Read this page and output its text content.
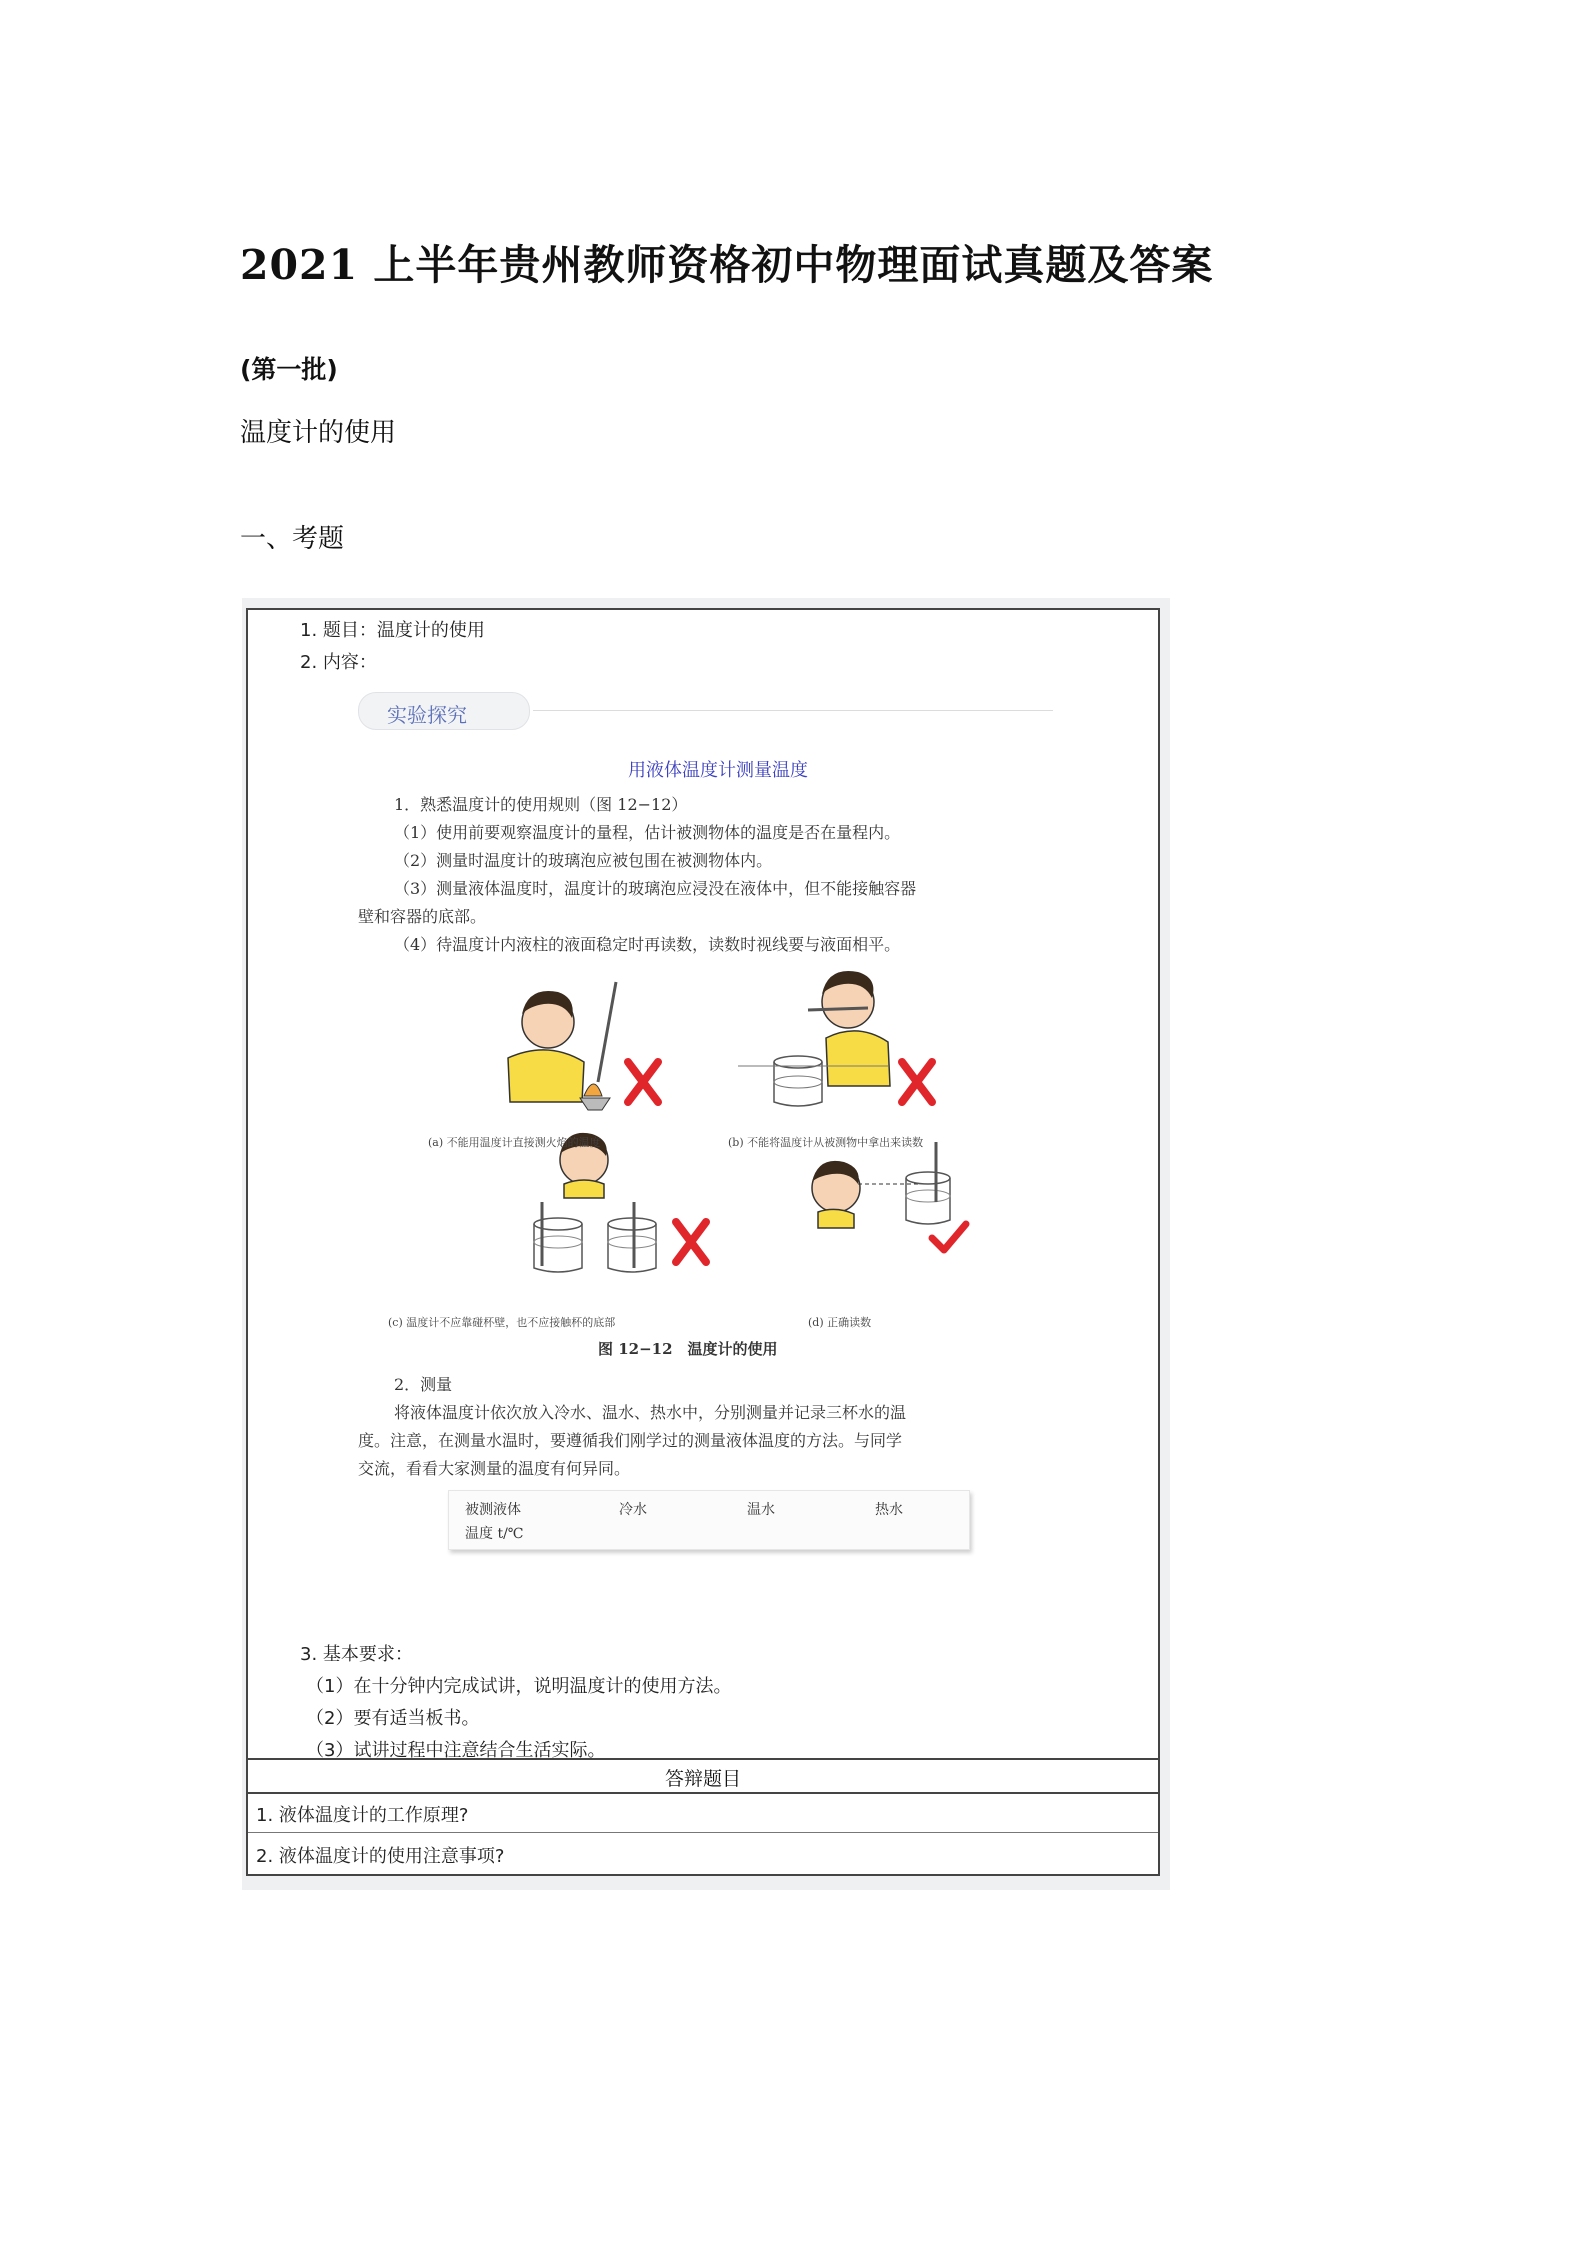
2021 上半年贵州教师资格初中物理面试真题及答案
(第一批)
温度计的使用
一、考题
1. 题目：温度计的使用
2. 内容：
实验探究
用液体温度计测量温度
1．熟悉温度计的使用规则（图 12−12）
（1）使用前要观察温度计的量程，估计被测物体的温度是否在量程内。
（2）测量时温度计的玻璃泡应被包围在被测物体内。
（3）测量液体温度时，温度计的玻璃泡应浸没在液体中，但不能接触容器
壁和容器的底部。
（4）待温度计内液柱的液面稳定时再读数，读数时视线要与液面相平。
(a) 不能用温度计直接测火焰的温度	(b) 不能将温度计从被测物中拿出来读数
(c) 温度计不应靠碰杯壁，也不应接触杯的底部	(d) 正确读数
图 12−12　温度计的使用
2．测量
将液体温度计依次放入冷水、温水、热水中，分别测量并记录三杯水的温
度。注意，在测量水温时，要遵循我们刚学过的测量液体温度的方法。与同学
交流，看看大家测量的温度有何异同。
被测液体
温度 t/℃
冷水	温水	热水
3. 基本要求：
（1）在十分钟内完成试讲，说明温度计的使用方法。
（2）要有适当板书。
（3）试讲过程中注意结合生活实际。
答辩题目
1. 液体温度计的工作原理?
2. 液体温度计的使用注意事项?
